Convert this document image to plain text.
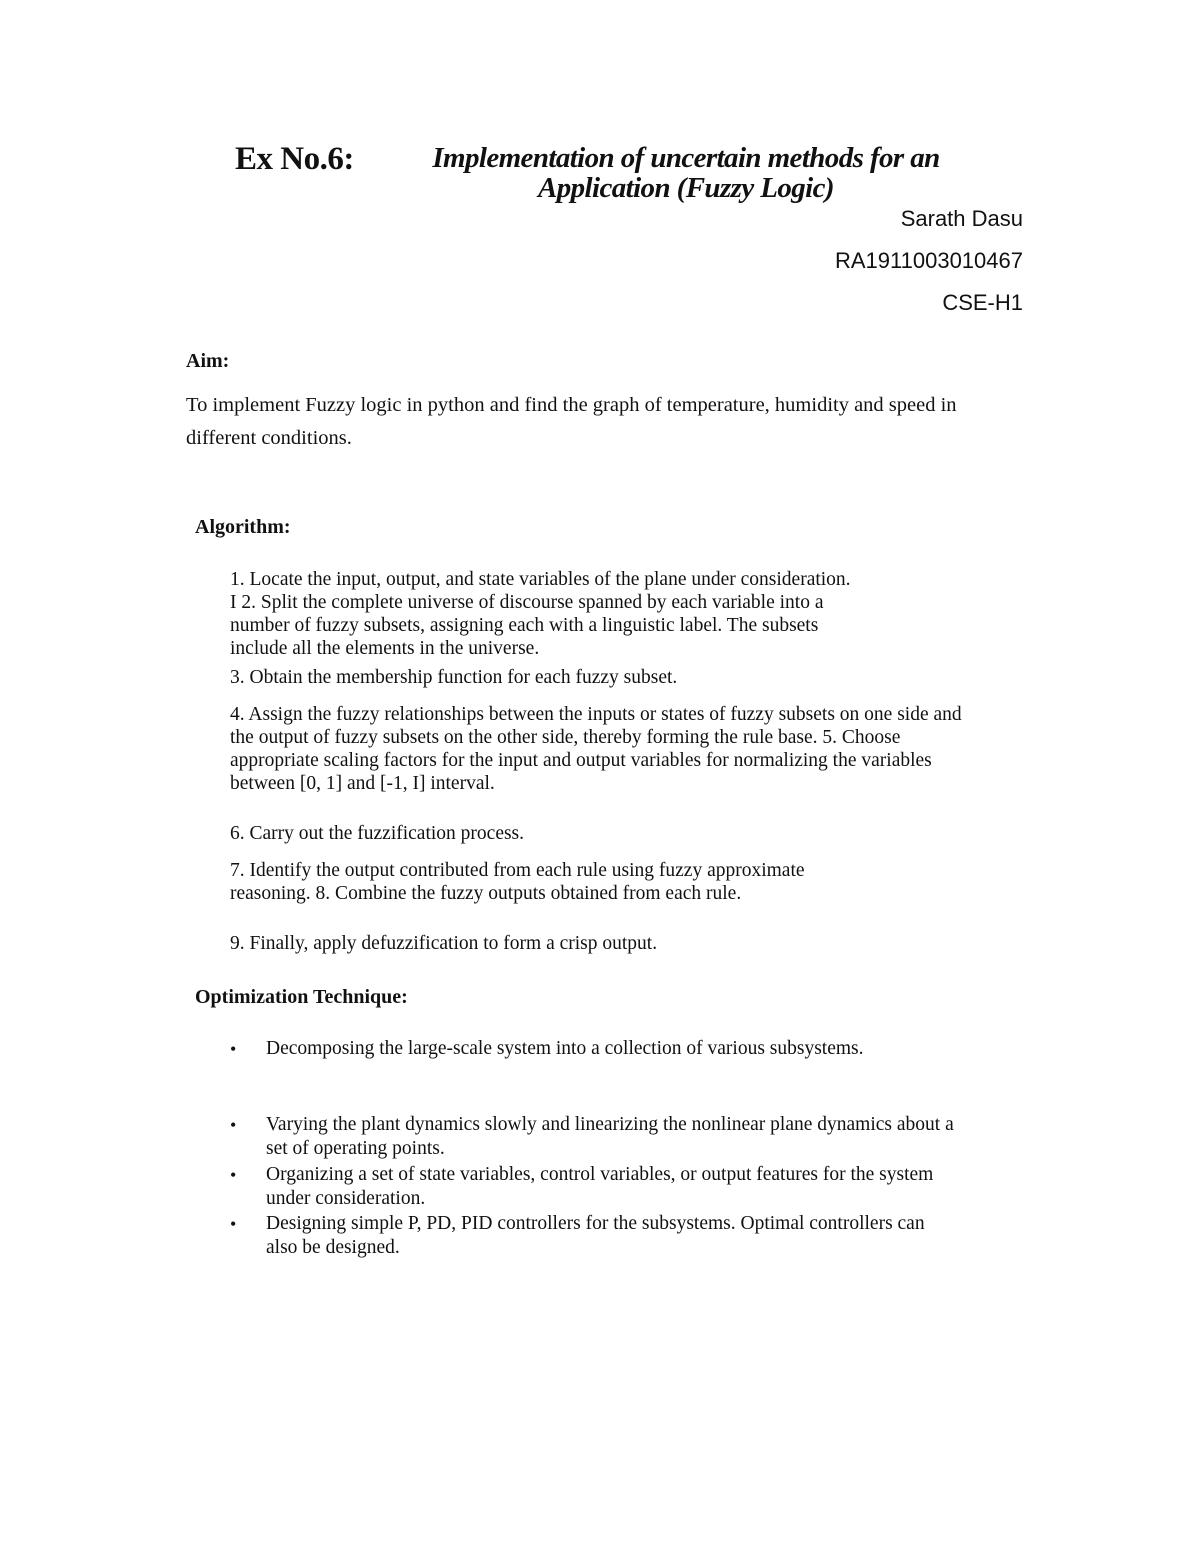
Ex No.6:	Implementation of uncertain methods for an
Application (Fuzzy Logic)
Sarath Dasu
RA1911003010467
CSE-H1
Aim:
To implement Fuzzy logic in python and find the graph of temperature, humidity and speed in different conditions.
Algorithm:
1. Locate the input, output, and state variables of the plane under consideration. I 2. Split the complete universe of discourse spanned by each variable into a number of fuzzy subsets, assigning each with a linguistic label. The subsets include all the elements in the universe.
3. Obtain the membership function for each fuzzy subset.
4. Assign the fuzzy relationships between the inputs or states of fuzzy subsets on one side and the output of fuzzy subsets on the other side, thereby forming the rule base. 5. Choose appropriate scaling factors for the input and output variables for normalizing the variables between [0, 1] and [-1, I] interval.
6. Carry out the fuzzification process.
7. Identify the output contributed from each rule using fuzzy approximate reasoning. 8. Combine the fuzzy outputs obtained from each rule.
9. Finally, apply defuzzification to form a crisp output.
Optimization Technique:
•	Decomposing the large-scale system into a collection of various subsystems.
•	Varying the plant dynamics slowly and linearizing the nonlinear plane dynamics about a set of operating points.
•	Organizing a set of state variables, control variables, or output features for the system under consideration.
•	Designing simple P, PD, PID controllers for the subsystems. Optimal controllers can also be designed.
